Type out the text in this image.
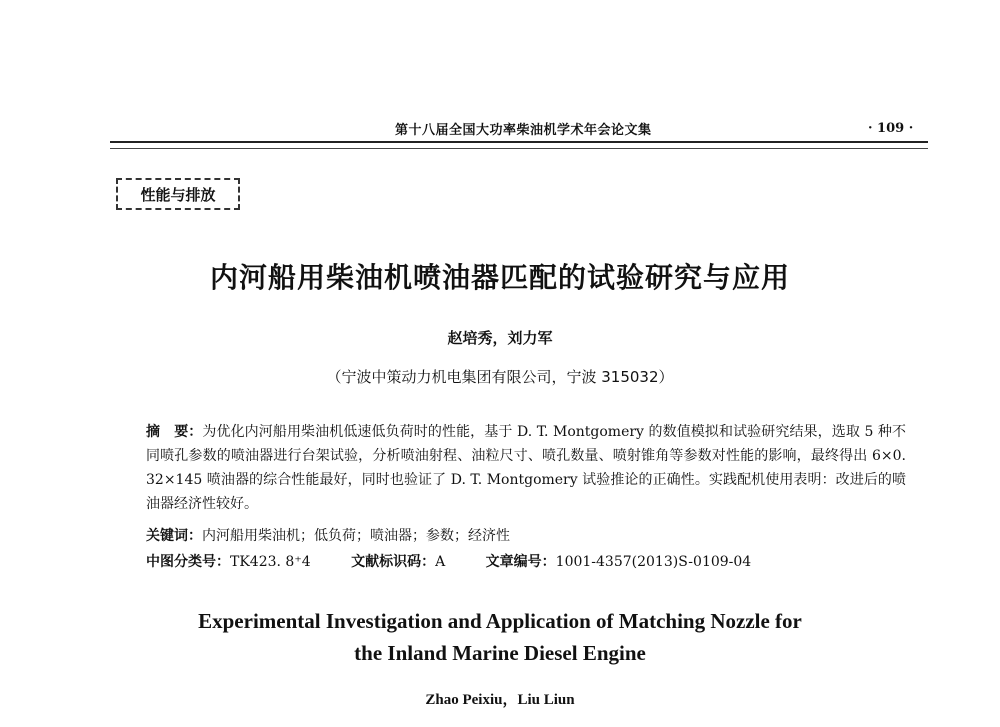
第十八届全国大功率柴油机学术年会论文集	· 109 ·
性能与排放
内河船用柴油机喷油器匹配的试验研究与应用
赵培秀，刘力军
（宁波中策动力机电集团有限公司，宁波 315032）
摘　要：为优化内河船用柴油机低速低负荷时的性能，基于 D. T. Montgomery 的数值模拟和试验研究结果，选取 5 种不同喷孔参数的喷油器进行台架试验，分析喷油射程、油粒尺寸、喷孔数量、喷射锥角等参数对性能的影响，最终得出 6×0. 32×145 喷油器的综合性能最好，同时也验证了 D. T. Montgomery 试验推论的正确性。实践配机使用表明：改进后的喷油器经济性较好。
关键词：内河船用柴油机；低负荷；喷油器；参数；经济性
中图分类号：TK423. 8⁺4	文献标识码：A	文章编号：1001-4357(2013)S-0109-04
Experimental Investigation and Application of Matching Nozzle for
the Inland Marine Diesel Engine
Zhao Peixiu，Liu Liun
